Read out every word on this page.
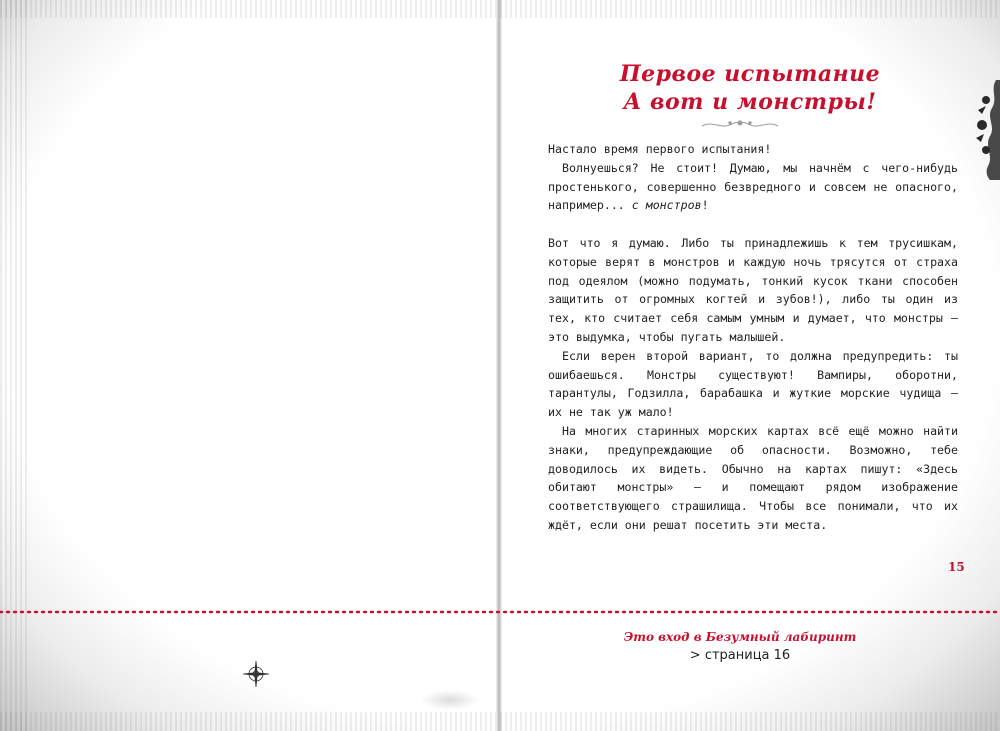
Первое испытание
А вот и монстры!

Настало время первого испытания!

Волнуешься? Не стоит! Думаю, мы начнём с чего-нибудь простенького, совершенно безвредного и совсем не опасного, например... с монстров!

Вот что я думаю. Либо ты принадлежишь к тем трусишкам, которые верят в монстров и каждую ночь трясутся от страха под одеялом (можно подумать, тонкий кусок ткани способен защитить от огромных когтей и зубов!), либо ты один из тех, кто считает себя самым умным и думает, что монстры — это выдумка, чтобы пугать малышей.

Если верен второй вариант, то должна предупредить: ты ошибаешься. Монстры существуют! Вампиры, оборотни, тарантулы, Годзилла, барабашка и жуткие морские чудища — их не так уж мало!

На многих старинных морских картах всё ещё можно найти знаки, предупреждающие об опасности. Возможно, тебе доводилось их видеть. Обычно на картах пишут: «Здесь обитают монстры» — и помещают рядом изображение соответствующего страшилища. Чтобы все понимали, что их ждёт, если они решат посетить эти места.

15
Это вход в Безумный лабиринт
> страница 16
